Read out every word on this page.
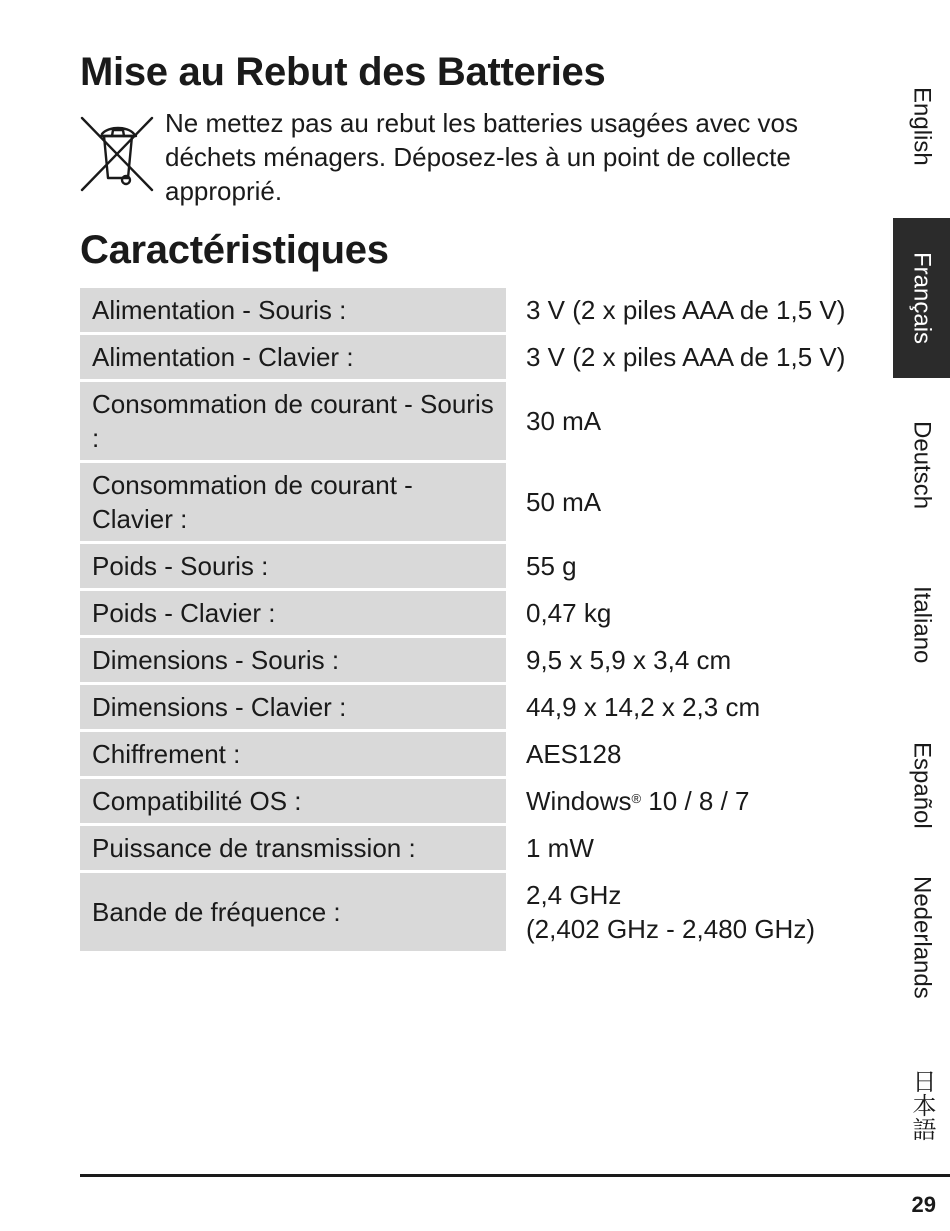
Mise au Rebut des Batteries

Ne mettez pas au rebut les batteries usagées avec vos déchets ménagers. Déposez-les à un point de collecte approprié.

Caractéristiques
Alimentation - Souris :	3 V (2 x piles AAA de 1,5 V)
Alimentation - Clavier :	3 V (2 x piles AAA de 1,5 V)
Consommation de courant - Souris :	30 mA
Consommation de courant - Clavier :	50 mA
Poids - Souris :	55 g
Poids - Clavier :	0,47 kg
Dimensions - Souris :	9,5 x 5,9 x 3,4 cm
Dimensions - Clavier :	44,9 x 14,2 x 2,3 cm
Chiffrement :	AES128
Compatibilité OS :	Windows® 10 / 8 / 7
Puissance de transmission :	1 mW
Bande de fréquence :	2,4 GHz
(2,402 GHz - 2,480 GHz)
English
Français
Deutsch
Italiano
Español
Nederlands
日本語
29
